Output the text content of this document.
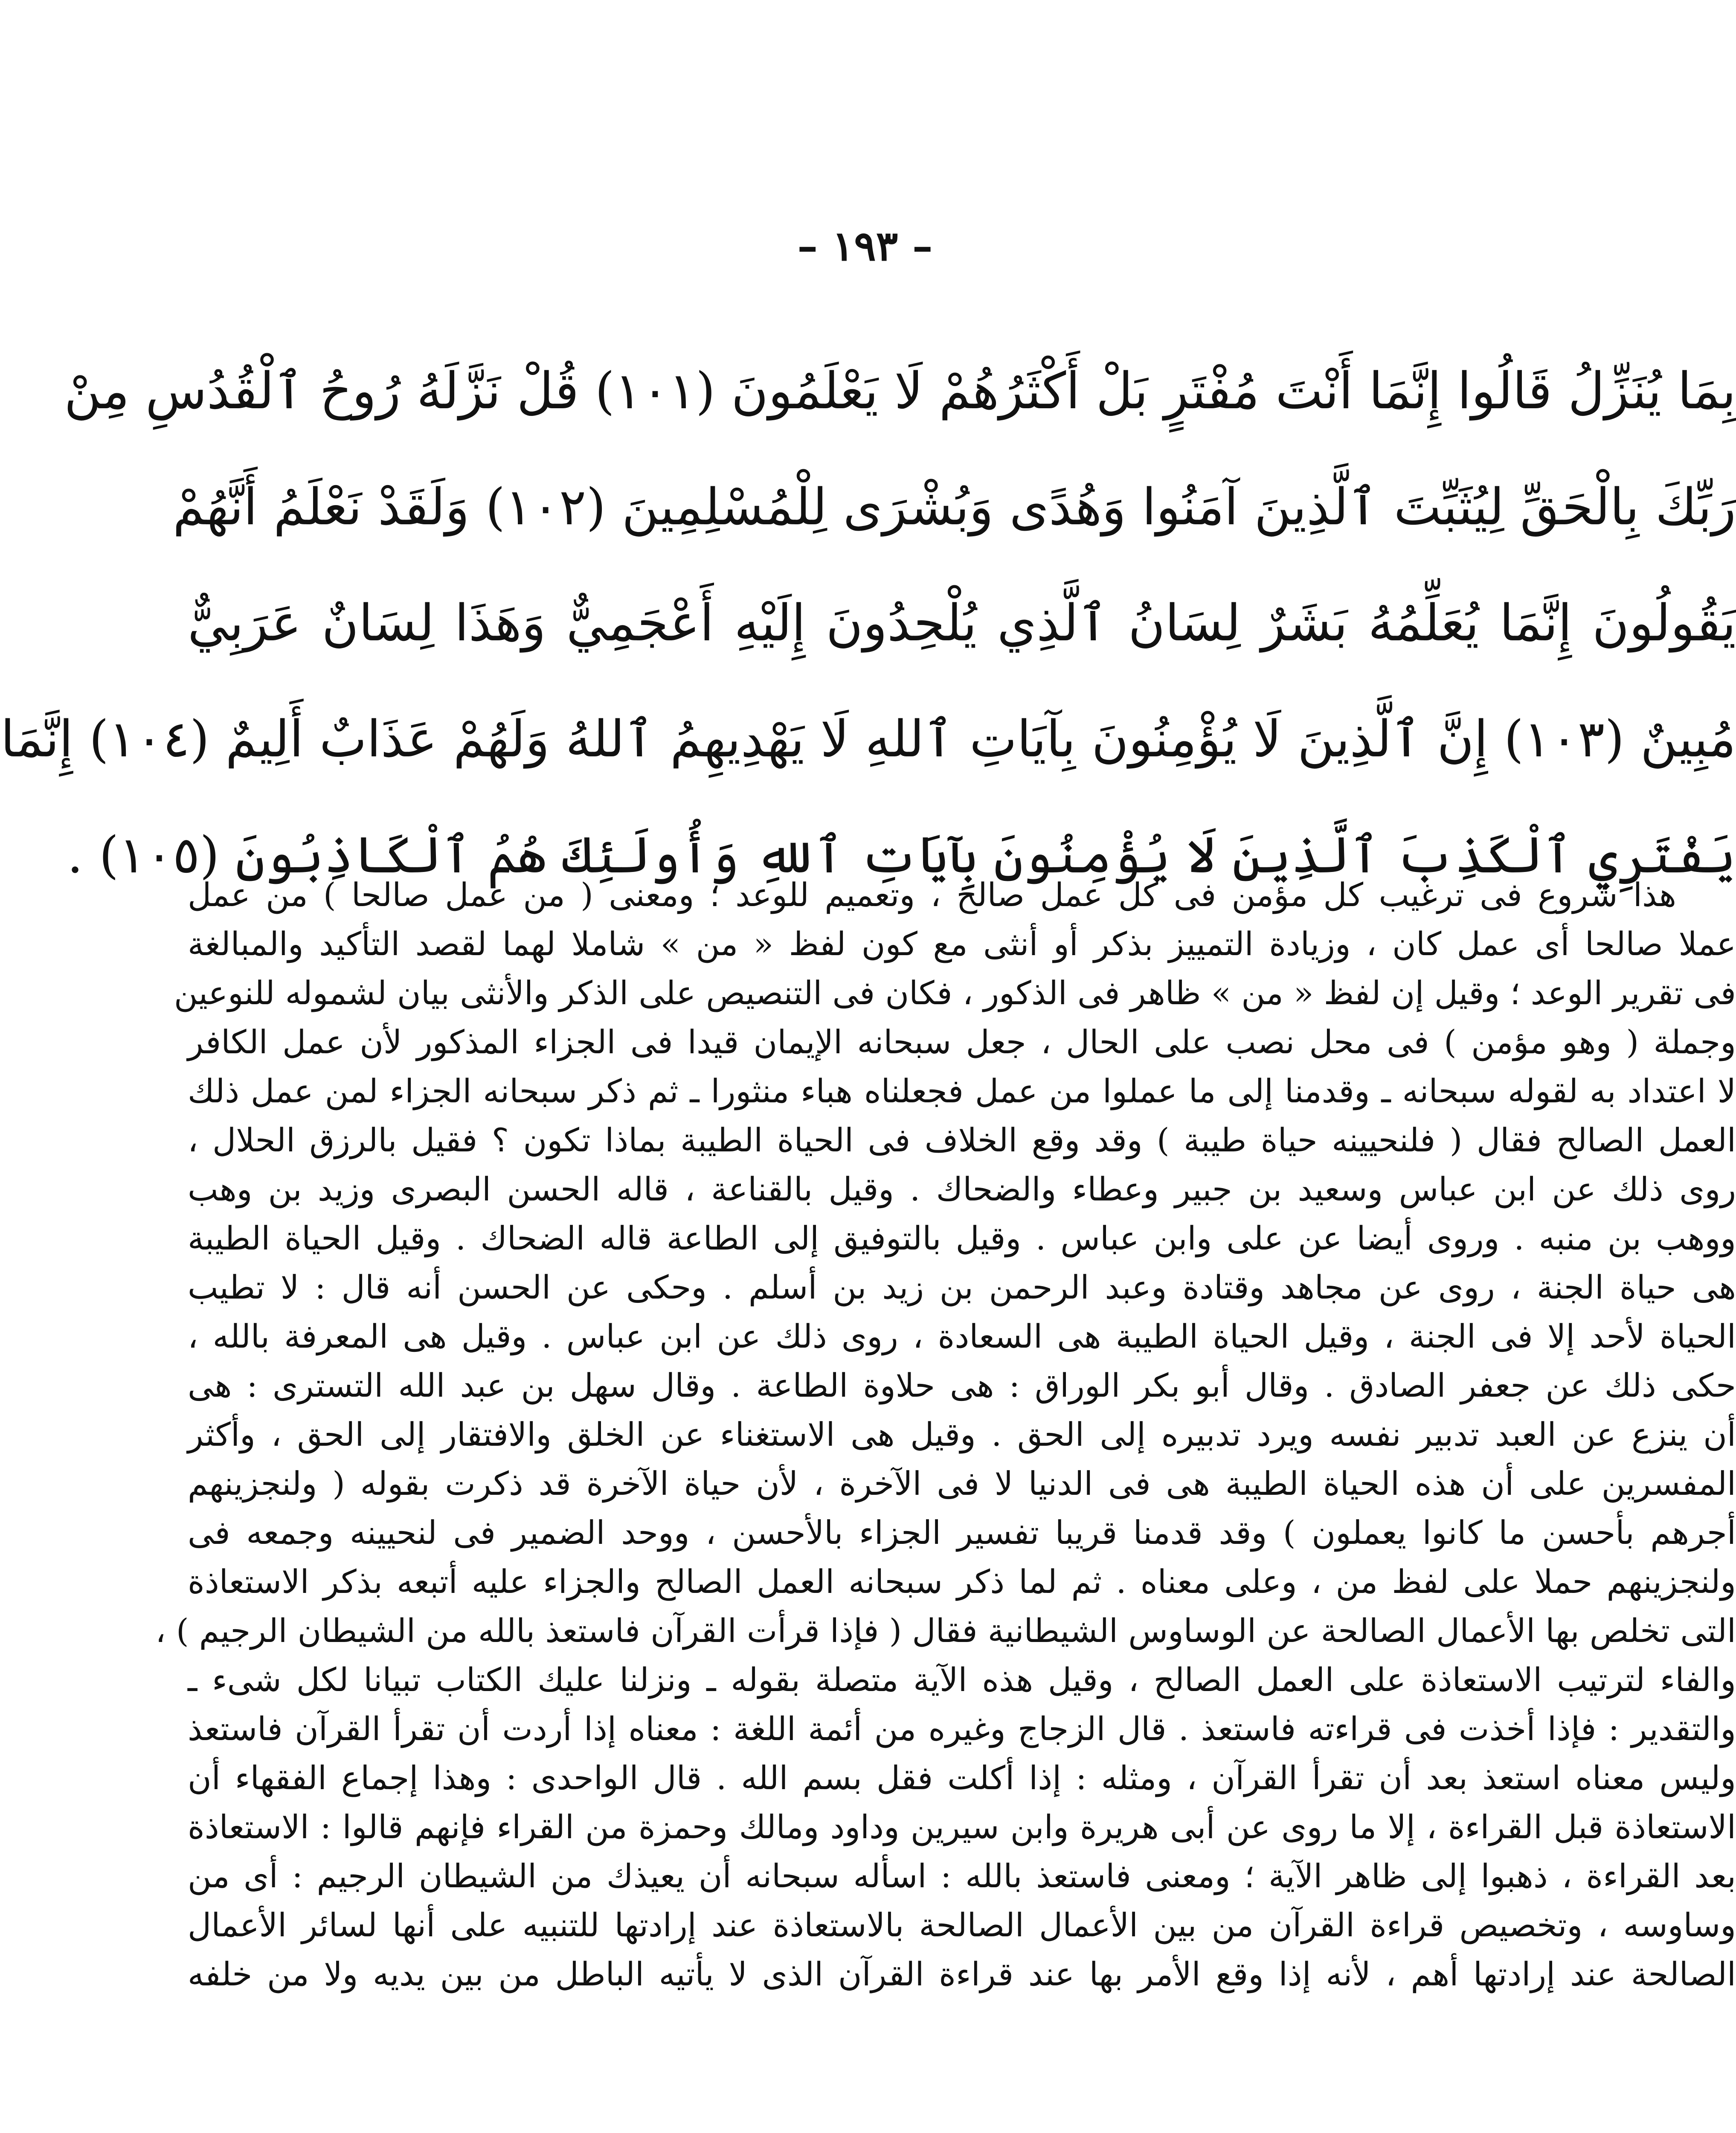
– ١٩٣ –
بِمَا يُنَزِّلُ قَالُوا إِنَّمَا أَنْتَ مُفْتَرٍ بَلْ أَكْثَرُهُمْ لَا يَعْلَمُونَ (١٠١) قُلْ نَزَّلَهُ رُوحُ ٱلْقُدُسِ مِنْ
رَبِّكَ بِالْحَقِّ لِيُثَبِّتَ ٱلَّذِينَ آمَنُوا وَهُدًى وَبُشْرَى لِلْمُسْلِمِينَ (١٠٢) وَلَقَدْ نَعْلَمُ أَنَّهُمْ
يَقُولُونَ إِنَّمَا يُعَلِّمُهُ بَشَرٌ لِسَانُ ٱلَّذِي يُلْحِدُونَ إِلَيْهِ أَعْجَمِيٌّ وَهَذَا لِسَانٌ عَرَبِيٌّ
مُبِينٌ (١٠٣) إِنَّ ٱلَّذِينَ لَا يُؤْمِنُونَ بِآيَاتِ ٱللهِ لَا يَهْدِيهِمُ ٱللهُ وَلَهُمْ عَذَابٌ أَلِيمٌ (١٠٤) إِنَّمَا
يَفْتَرِي ٱلْكَذِبَ ٱلَّذِينَ لَا يُؤْمِنُونَ بِآيَاتِ ٱللهِ وَأُولَئِكَ هُمُ ٱلْكَاذِبُونَ (١٠٥) .
هذا شروع فى ترغيب كل مؤمن فى كل عمل صالح ، وتعميم للوعد ؛ ومعنى ( من عمل صالحا ) من عمل
عملا صالحا أى عمل كان ، وزيادة التمييز بذكر أو أنثى مع كون لفظ « من » شاملا لهما لقصد التأكيد والمبالغة
فى تقرير الوعد ؛ وقيل إن لفظ « من » ظاهر فى الذكور ، فكان فى التنصيص على الذكر والأنثى بيان لشموله للنوعين
وجملة ( وهو مؤمن ) فى محل نصب على الحال ، جعل سبحانه الإيمان قيدا فى الجزاء المذكور لأن عمل الكافر
لا اعتداد به لقوله سبحانه ـ وقدمنا إلى ما عملوا من عمل فجعلناه هباء منثورا ـ ثم ذكر سبحانه الجزاء لمن عمل ذلك
العمل الصالح فقال ( فلنحيينه حياة طيبة ) وقد وقع الخلاف فى الحياة الطيبة بماذا تكون ؟ فقيل بالرزق الحلال ،
روى ذلك عن ابن عباس وسعيد بن جبير وعطاء والضحاك . وقيل بالقناعة ، قاله الحسن البصرى وزيد بن وهب
ووهب بن منبه . وروى أيضا عن على وابن عباس . وقيل بالتوفيق إلى الطاعة قاله الضحاك . وقيل الحياة الطيبة
هى حياة الجنة ، روى عن مجاهد وقتادة وعبد الرحمن بن زيد بن أسلم . وحكى عن الحسن أنه قال : لا تطيب
الحياة لأحد إلا فى الجنة ، وقيل الحياة الطيبة هى السعادة ، روى ذلك عن ابن عباس . وقيل هى المعرفة بالله ،
حكى ذلك عن جعفر الصادق . وقال أبو بكر الوراق : هى حلاوة الطاعة . وقال سهل بن عبد الله التسترى : هى
أن ينزع عن العبد تدبير نفسه ويرد تدبيره إلى الحق . وقيل هى الاستغناء عن الخلق والافتقار إلى الحق ، وأكثر
المفسرين على أن هذه الحياة الطيبة هى فى الدنيا لا فى الآخرة ، لأن حياة الآخرة قد ذكرت بقوله ( ولنجزينهم
أجرهم بأحسن ما كانوا يعملون ) وقد قدمنا قريبا تفسير الجزاء بالأحسن ، ووحد الضمير فى لنحيينه وجمعه فى
ولنجزينهم حملا على لفظ من ، وعلى معناه . ثم لما ذكر سبحانه العمل الصالح والجزاء عليه أتبعه بذكر الاستعاذة
التى تخلص بها الأعمال الصالحة عن الوساوس الشيطانية فقال ( فإذا قرأت القرآن فاستعذ بالله من الشيطان الرجيم ) ،
والفاء لترتيب الاستعاذة على العمل الصالح ، وقيل هذه الآية متصلة بقوله ـ ونزلنا عليك الكتاب تبيانا لكل شىء ـ
والتقدير : فإذا أخذت فى قراءته فاستعذ . قال الزجاج وغيره من أئمة اللغة : معناه إذا أردت أن تقرأ القرآن فاستعذ
وليس معناه استعذ بعد أن تقرأ القرآن ، ومثله : إذا أكلت فقل بسم الله . قال الواحدى : وهذا إجماع الفقهاء أن
الاستعاذة قبل القراءة ، إلا ما روى عن أبى هريرة وابن سيرين وداود ومالك وحمزة من القراء فإنهم قالوا : الاستعاذة
بعد القراءة ، ذهبوا إلى ظاهر الآية ؛ ومعنى فاستعذ بالله : اسأله سبحانه أن يعيذك من الشيطان الرجيم : أى من
وساوسه ، وتخصيص قراءة القرآن من بين الأعمال الصالحة بالاستعاذة عند إرادتها للتنبيه على أنها لسائر الأعمال
الصالحة عند إرادتها أهم ، لأنه إذا وقع الأمر بها عند قراءة القرآن الذى لا يأتيه الباطل من بين يديه ولا من خلفه
